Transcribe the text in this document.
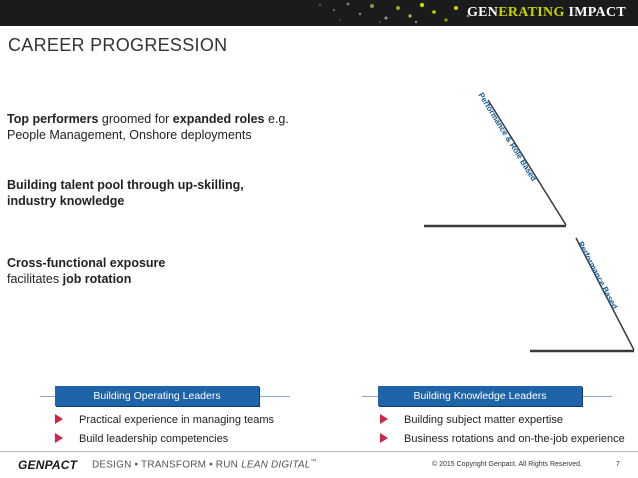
GENERATING IMPACT
CAREER PROGRESSION
Top performers groomed for expanded roles e.g.
People Management, Onshore deployments
Building talent pool through up-skilling,
industry knowledge
Cross-functional exposure
facilitates job rotation
Performance & Role Based
Performance Based
Building Operating Leaders	Building Knowledge Leaders
Practical experience in managing teams
Build leadership competencies
Building subject matter expertise
Business rotations and on-the-job experience
GENPACT DESIGN • TRANSFORM • RUN LEAN DIGITAL™	© 2015 Copyright Genpact. All Rights Reserved.	7
